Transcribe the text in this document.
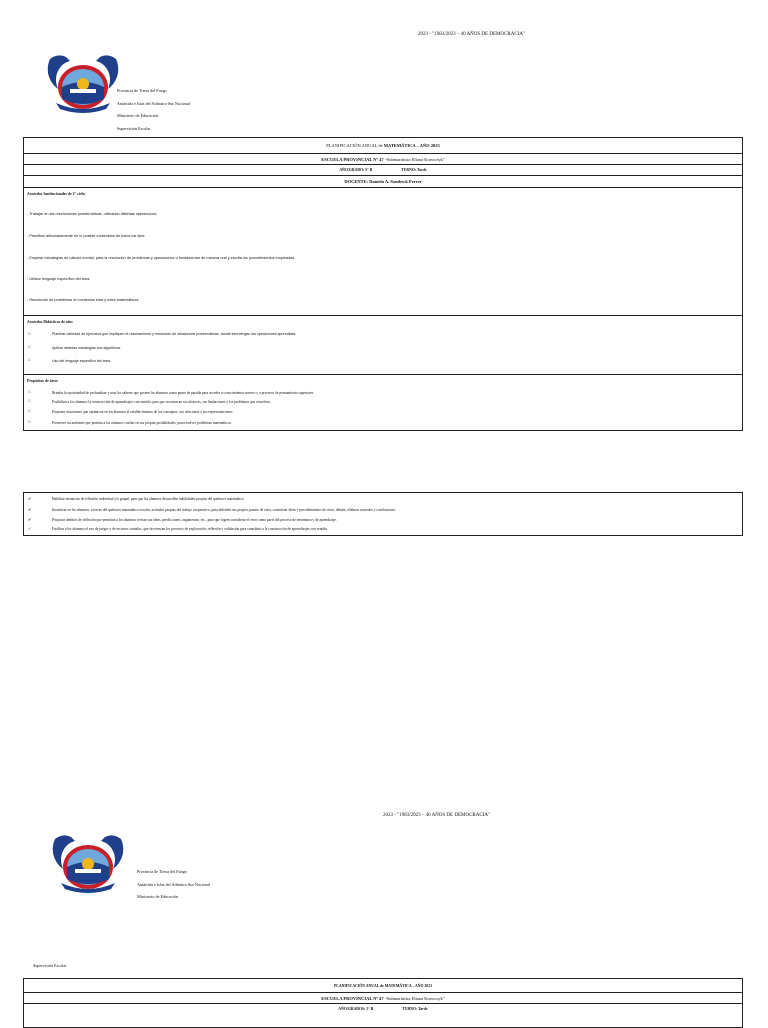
2023 - "1983/2023 – 40 AÑOS DE DEMOCRACIA"
Provincia de Tierra del Fuego
Antártida e Islas del Atlántico Sur Nacional
Ministerio de Educación
Supervisión Escolar
PLANIFICACIÓN ANUAL de MATEMÁTICA – AÑO 2023
ESCUELA PROVINCIAL Nº 47 “Submarinista Eliana Krawczyk”
AÑO/GRADO: 5° B	TURNO: Tarde
DOCENTE: Daniela A. Sombeck Ferrer
Acuerdos Institucionales de 2° ciclo:
- Trabajar en las resoluciones problemáticas, utilizando distintas operaciones.
- Planificar articuladamente en lo posible contenidos de todos los ejes.
- Emplear estrategias de cálculo mental, para la resolución de problemas y operaciones o fundamentar de manera oral y escrita los procedimientos empleados.
- Utilizar lenguaje específico del área.
- Resolución de problemas en contextos intra y extra matemáticos.
Acuerdos Didácticos de año:
□	Plantear variedad de ejercicios que impliquen el razonamiento y resolución de situaciones problemáticas, donde intervengan las operaciones aprendidas.
□	Aplicar distintas estrategias con algoritmos.
□	Uso del lenguaje específico del área.
Propósitos de área:
□	Brindar la oportunidad de profundizar y usar los saberes que poseen los alumnos como punto de partida para acceder a conocimientos nuevos y a procesos de pensamiento superiores.
□	Posibilitar a los alumnos la construcción de aprendizajes con sentido, para que reconozcan sus alcances, sus limitaciones y los problemas que resuelven.
□	Proponer situaciones que optimicen en los alumnos el establecimiento de los conceptos, sus relaciones y sus representaciones.
□	Promover un ambiente que permita a los alumnos confiar en sus propias posibilidades, para resolver problemas matemáticos.
✔	Habilitar instancias de reflexión individual y/o grupal, para que los alumnos desarrollen habilidades propias del quehacer matemático.
✔	Incentivar en los alumnos, a través del quehacer matemático escolar, actitudes propias del trabajo cooperativo, para defender sus propios puntos de vista, considerar ideas y procedimientos de otros, debatir, elaborar acuerdos y conclusiones.
✔	Propiciar ámbitos de reflexión que permitan a los alumnos revisar sus ideas, predicciones, argumentos, etc., para que logren considerar el error como parte del proceso de enseñanza y de aprendizaje.
✓	Facilitar a los alumnos el uso de juegos y de recursos variados, que favorezcan los procesos de exploración, reflexión y validación para contribuir a la construcción de aprendizajes con sentido.
2023 - "1983/2023 – 40 AÑOS DE DEMOCRACIA"
Provincia de Tierra del Fuego
Antártida e Islas del Atlántico Sur Nacional
Ministerio de Educación
Supervisión Escolar
PLANIFICACIÓN ANUAL de MATEMÁTICA – AÑO 2023
ESCUELA PROVINCIAL Nº 47 “Submarinista Eliana Krawczyk”
AÑO/GRADOS: 5° B	TURNO: Tarde
